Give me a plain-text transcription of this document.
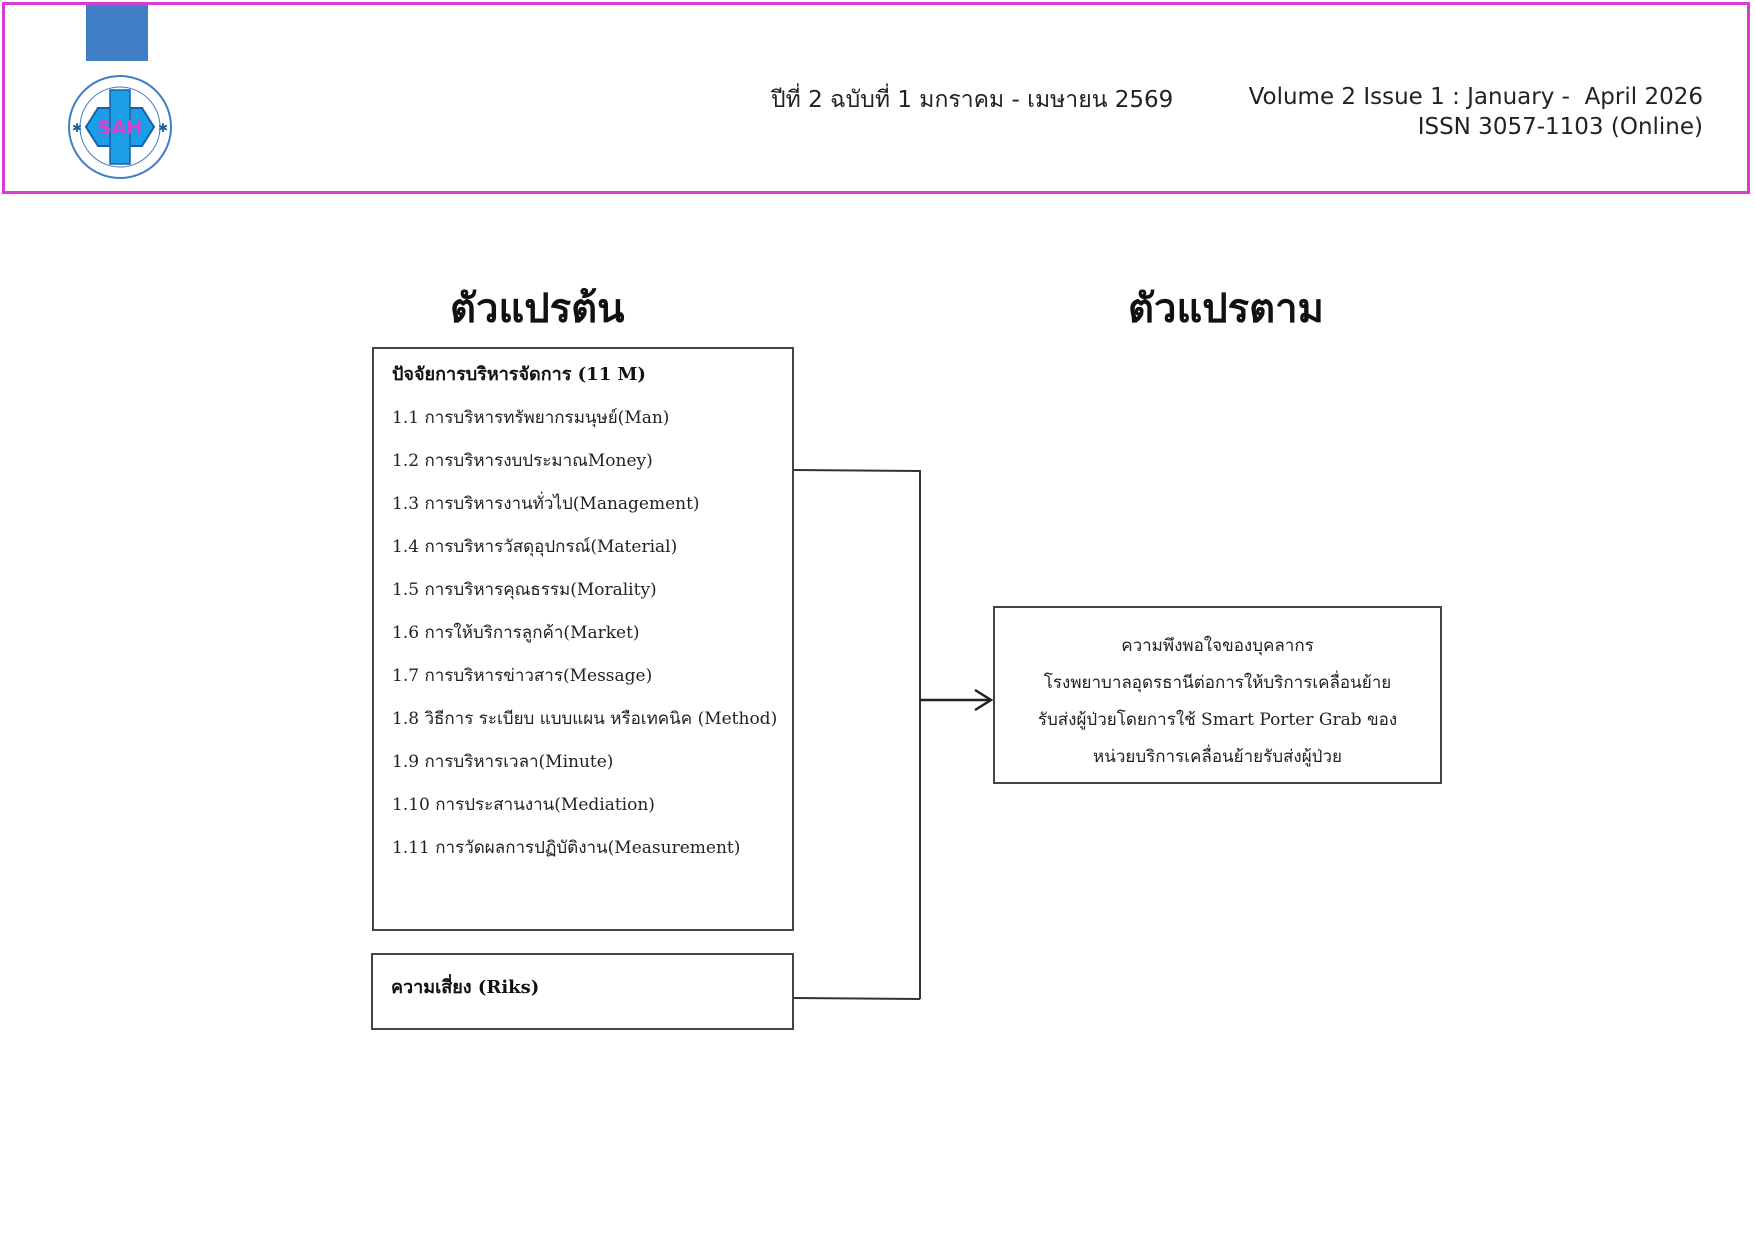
✱	✱
SAH
ปีที่ 2 ฉบับที่ 1 มกราคม - เมษายน 2569	Volume 2 Issue 1 : January -  April 2026
ISSN 3057-1103 (Online)
ตัวแปรต้น	ตัวแปรตาม
ปัจจัยการบริหารจัดการ (11 M)
1.1 การบริหารทรัพยากรมนุษย์(Man)
1.2 การบริหารงบประมาณMoney)
1.3 การบริหารงานทั่วไป(Management)
1.4 การบริหารวัสดุอุปกรณ์(Material)
1.5 การบริหารคุณธรรม(Morality)
1.6 การให้บริการลูกค้า(Market)
1.7 การบริหารข่าวสาร(Message)
1.8 วิธีการ ระเบียบ แบบแผน หรือเทคนิค (Method)
1.9 การบริหารเวลา(Minute)
1.10 การประสานงาน(Mediation)
1.11 การวัดผลการปฏิบัติงาน(Measurement)
ความเสี่ยง (Riks)
ความพึงพอใจของบุคลากร
โรงพยาบาลอุดรธานีต่อการให้บริการเคลื่อนย้าย
รับส่งผู้ป่วยโดยการใช้ Smart Porter Grab ของ
หน่วยบริการเคลื่อนย้ายรับส่งผู้ป่วย
